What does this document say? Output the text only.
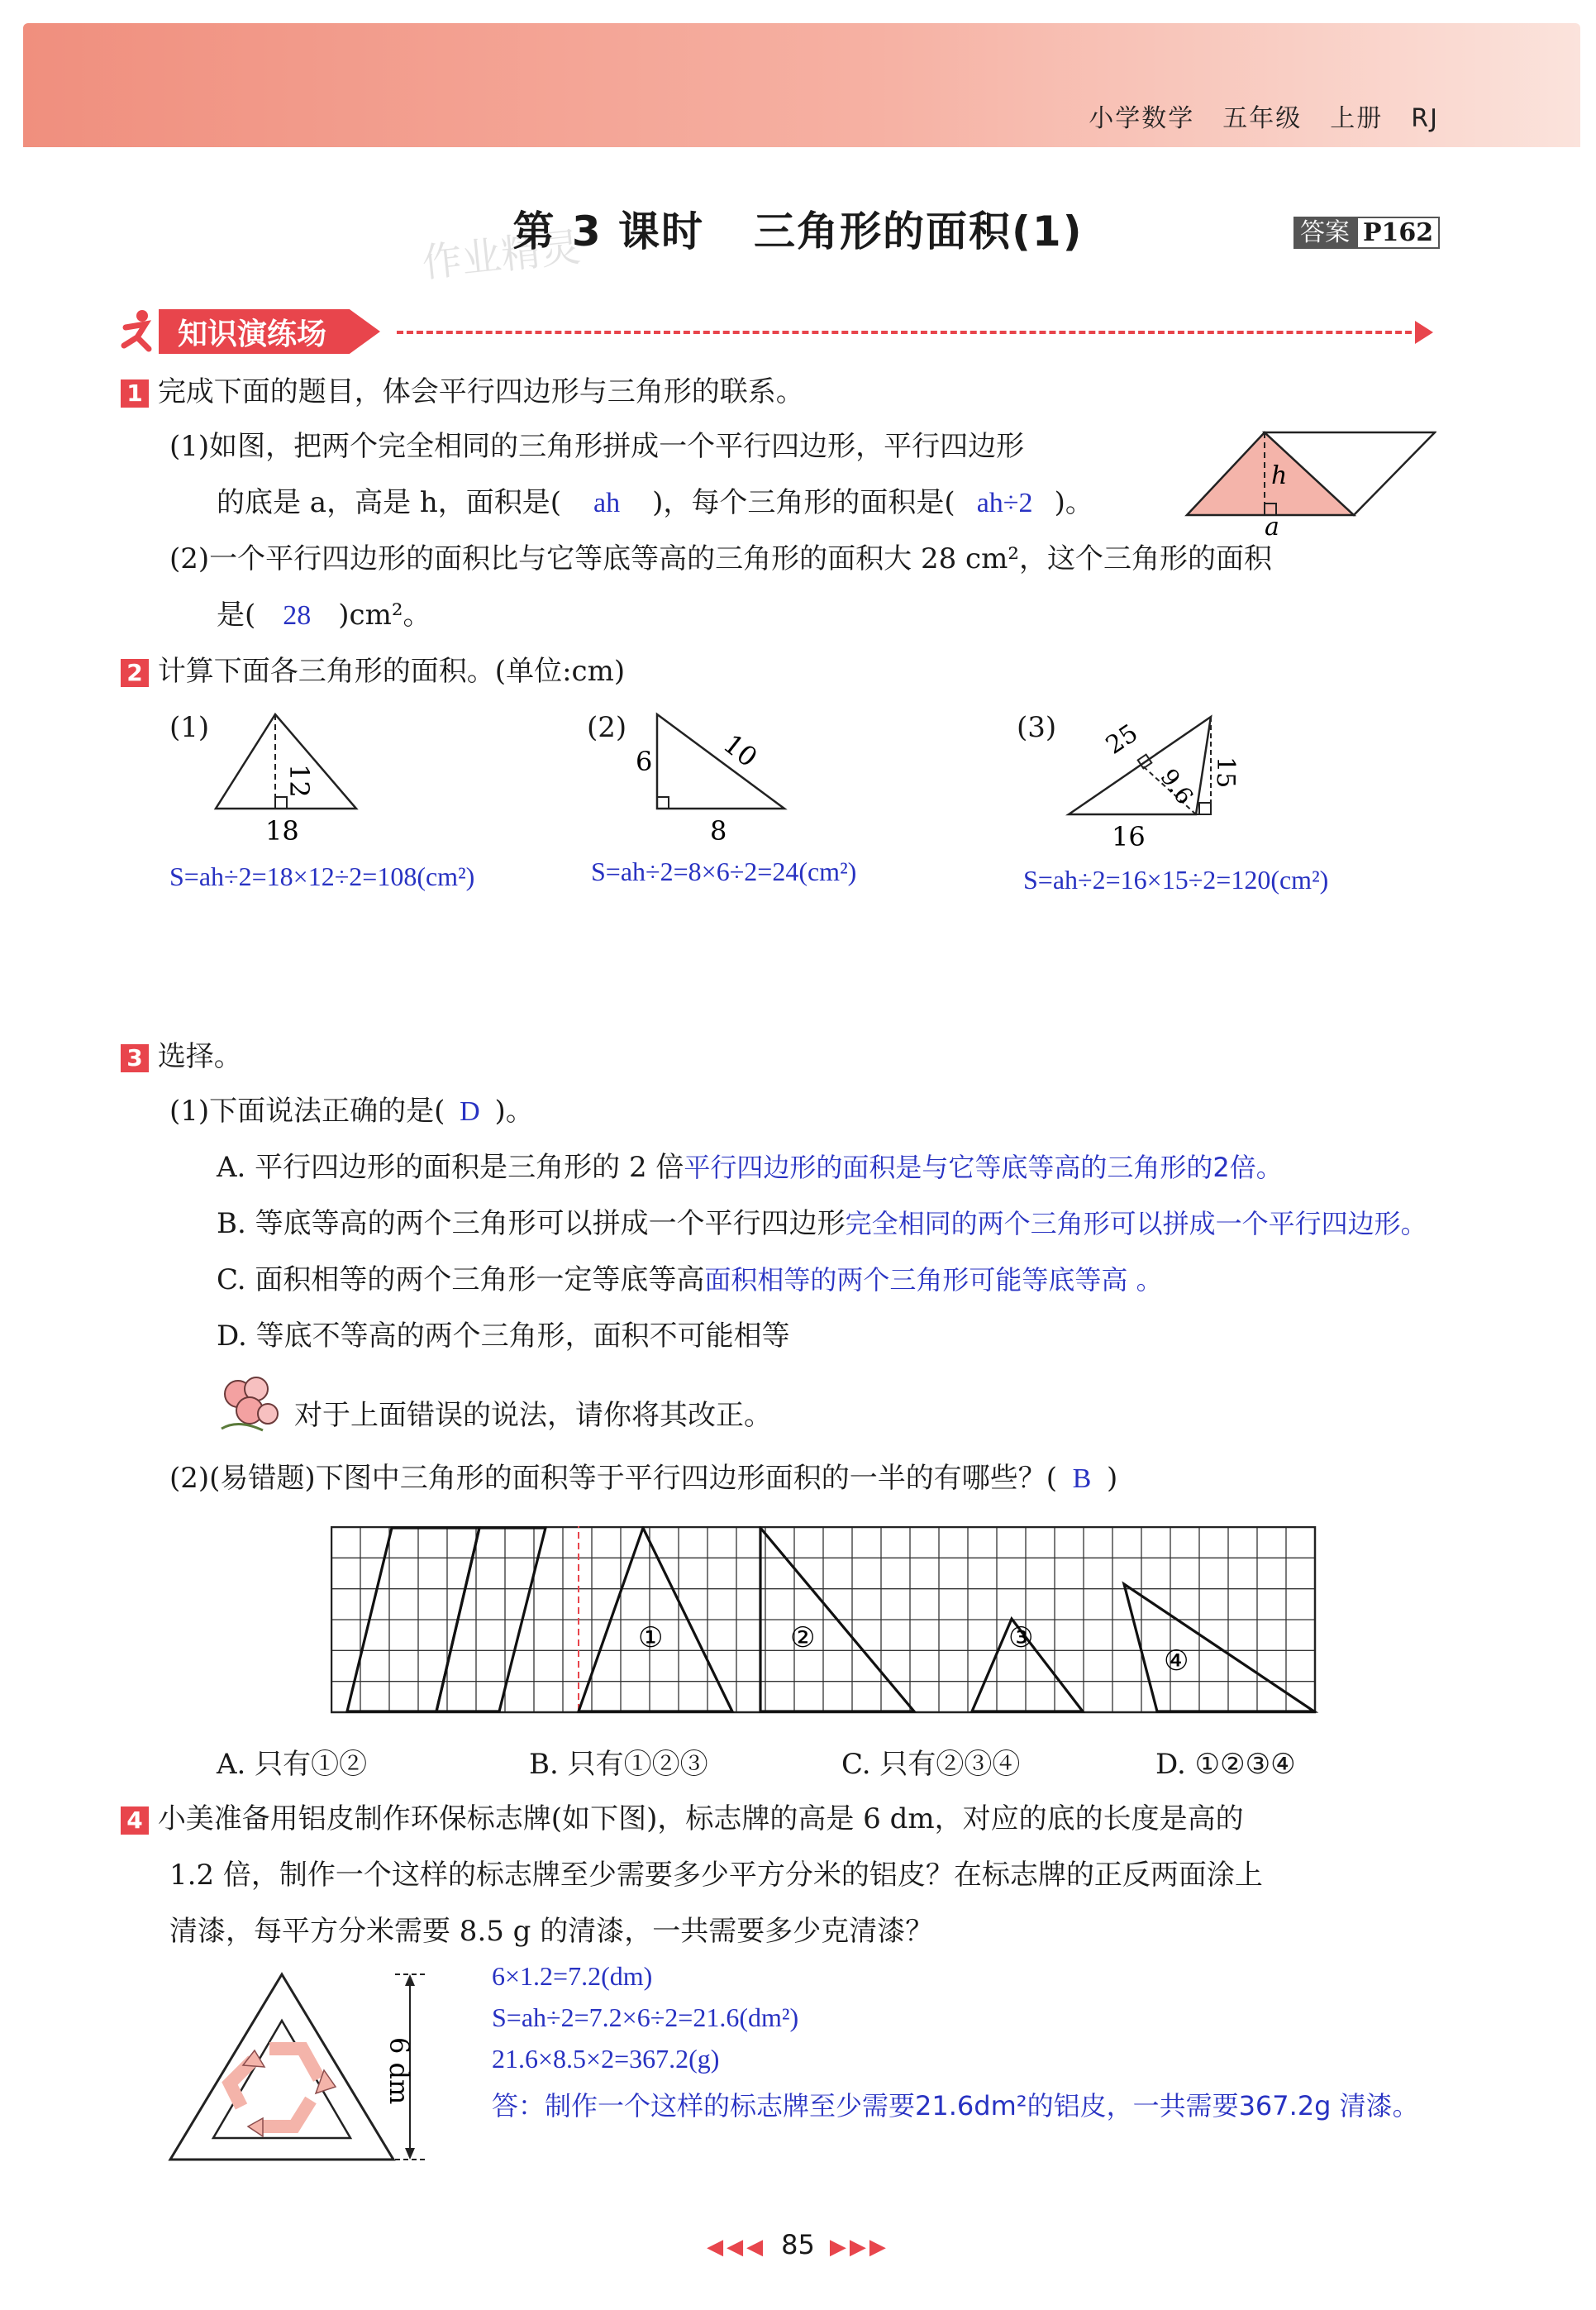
小学数学 五年级 上册 RJ
作业精灵
第 3 课时 三角形的面积(1)	答案 P162
知识演练场
1 完成下面的题目，体会平行四边形与三角形的联系。
(1)如图，把两个完全相同的三角形拼成一个平行四边形，平行四边形
的底是 a，高是 h，面积是( ah )，每个三角形的面积是( ah÷2 )。
h
a
(2)一个平行四边形的面积比与它等底等高的三角形的面积大 28 cm²，这个三角形的面积
是( 28 )cm²。
2 计算下面各三角形的面积。(单位:cm)
(1)
12
18
S=ah÷2=18×12÷2=108(cm²)
(2)
6 10
8
S=ah÷2=8×6÷2=24(cm²)
(3) 25
9.6 15
16
S=ah÷2=16×15÷2=120(cm²)
3 选择。
(1)下面说法正确的是( D )。
A. 平行四边形的面积是三角形的 2 倍平行四边形的面积是与它等底等高的三角形的2倍。
B. 等底等高的两个三角形可以拼成一个平行四边形完全相同的两个三角形可以拼成一个平行四边形。
C. 面积相等的两个三角形一定等底等高面积相等的两个三角形可能等底等高 。
D. 等底不等高的两个三角形，面积不可能相等
对于上面错误的说法，请你将其改正。
(2)(易错题)下图中三角形的面积等于平行四边形面积的一半的有哪些？( B )
①	②	③
④
A. 只有①②	B. 只有①②③	C. 只有②③④	D. ①②③④
4 小美准备用铝皮制作环保标志牌(如下图)，标志牌的高是 6 dm，对应的底的长度是高的
1.2 倍，制作一个这样的标志牌至少需要多少平方分米的铝皮？在标志牌的正反两面涂上
清漆，每平方分米需要 8.5 g 的清漆，一共需要多少克清漆？
6 dm
6×1.2=7.2(dm)
S=ah÷2=7.2×6÷2=21.6(dm²)
21.6×8.5×2=367.2(g)
答：制作一个这样的标志牌至少需要21.6dm²的铝皮，一共需要367.2g 清漆。
◀◀◀ 85 ▶▶▶
